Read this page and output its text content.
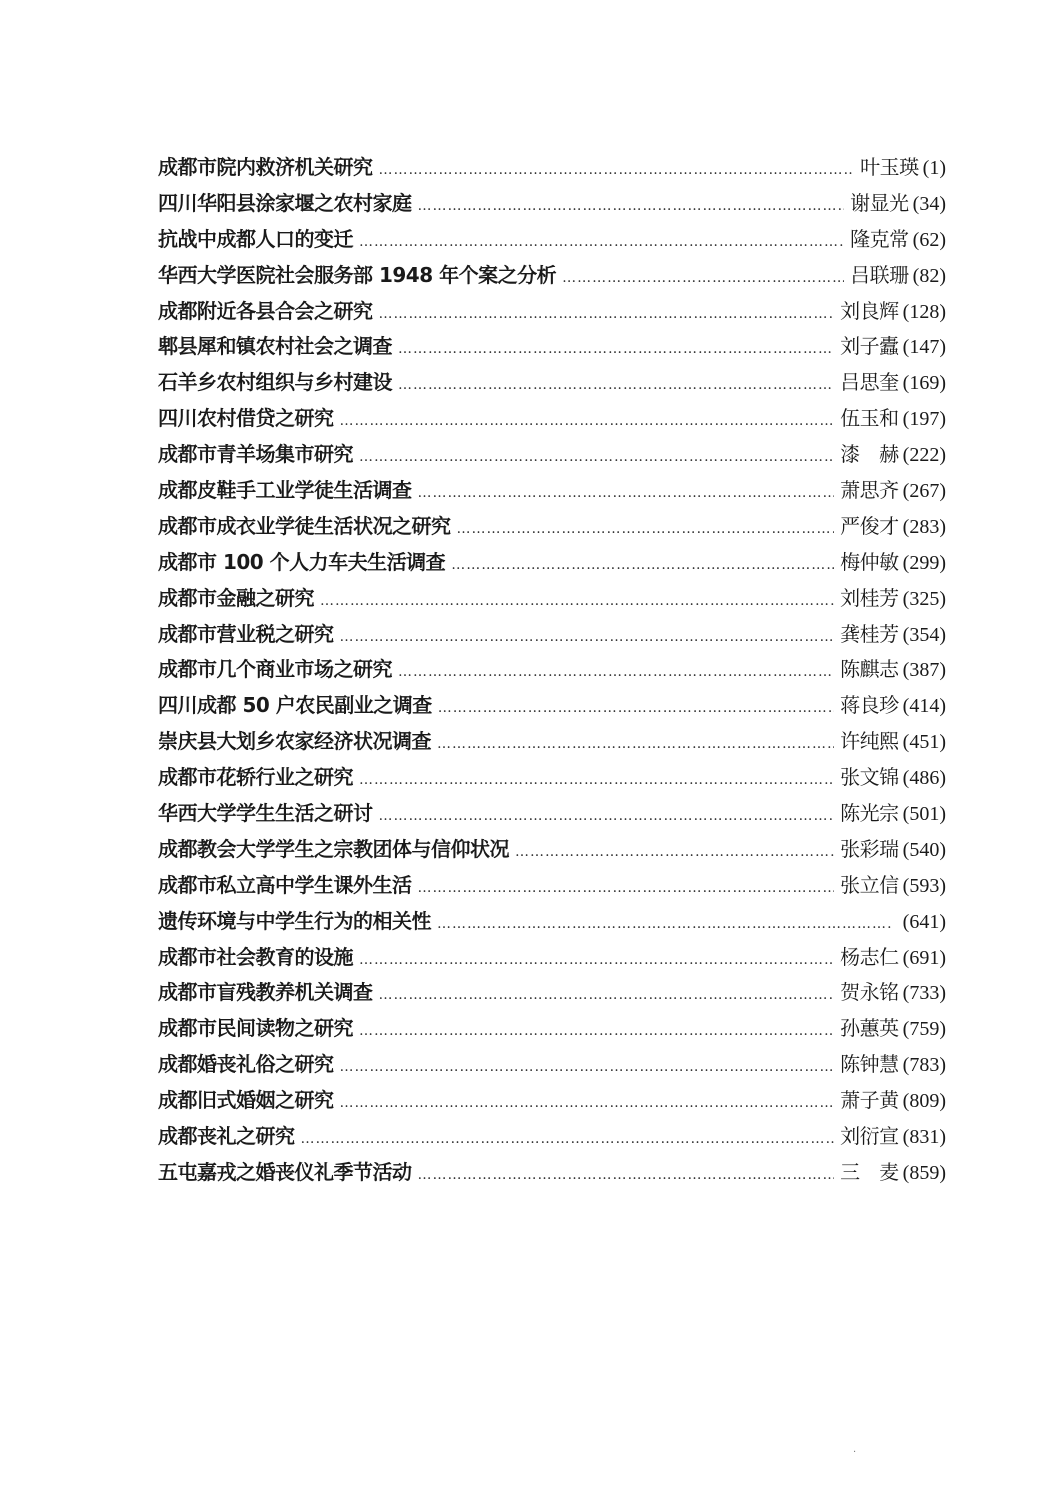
成都市院内救济机关研究 …………………………………………………………………………………………………………	叶玉瑛 (1)
四川华阳县涂家堰之农村家庭 …………………………………………………………………………………………………………	谢显光 (34)
抗战中成都人口的变迁 …………………………………………………………………………………………………………	隆克常 (62)
华西大学医院社会服务部 1948 年个案之分析 …………………………………………………………………………………………………………	吕联珊 (82)
成都附近各县合会之研究 …………………………………………………………………………………………………………	刘良辉 (128)
郫县犀和镇农村社会之调查 …………………………………………………………………………………………………………	刘子蠹 (147)
石羊乡农村组织与乡村建设 …………………………………………………………………………………………………………	吕思奎 (169)
四川农村借贷之研究 …………………………………………………………………………………………………………	伍玉和 (197)
成都市青羊场集市研究 …………………………………………………………………………………………………………	漆　赫 (222)
成都皮鞋手工业学徒生活调查 …………………………………………………………………………………………………………	萧思齐 (267)
成都市成衣业学徒生活状况之研究 …………………………………………………………………………………………………………	严俊才 (283)
成都市 100 个人力车夫生活调查 …………………………………………………………………………………………………………	梅仲敏 (299)
成都市金融之研究 …………………………………………………………………………………………………………	刘桂芳 (325)
成都市营业税之研究 …………………………………………………………………………………………………………	龚桂芳 (354)
成都市几个商业市场之研究 …………………………………………………………………………………………………………	陈麒志 (387)
四川成都 50 户农民副业之调查 …………………………………………………………………………………………………………	蒋良珍 (414)
崇庆县大划乡农家经济状况调查 …………………………………………………………………………………………………………	许纯熙 (451)
成都市花轿行业之研究 …………………………………………………………………………………………………………	张文锦 (486)
华西大学学生生活之研讨 …………………………………………………………………………………………………………	陈光宗 (501)
成都教会大学学生之宗教团体与信仰状况 …………………………………………………………………………………………………………	张彩瑞 (540)
成都市私立高中学生课外生活 …………………………………………………………………………………………………………	张立信 (593)
遗传环境与中学生行为的相关性 …………………………………………………………………………………………………………	(641)
成都市社会教育的设施 …………………………………………………………………………………………………………	杨志仁 (691)
成都市盲残教养机关调查 …………………………………………………………………………………………………………	贺永铭 (733)
成都市民间读物之研究 …………………………………………………………………………………………………………	孙蕙英 (759)
成都婚丧礼俗之研究 …………………………………………………………………………………………………………	陈钟慧 (783)
成都旧式婚姻之研究 …………………………………………………………………………………………………………	萧子黄 (809)
成都丧礼之研究 …………………………………………………………………………………………………………	刘衍宣 (831)
五屯嘉戎之婚丧仪礼季节活动 …………………………………………………………………………………………………………	三　麦 (859)
.
